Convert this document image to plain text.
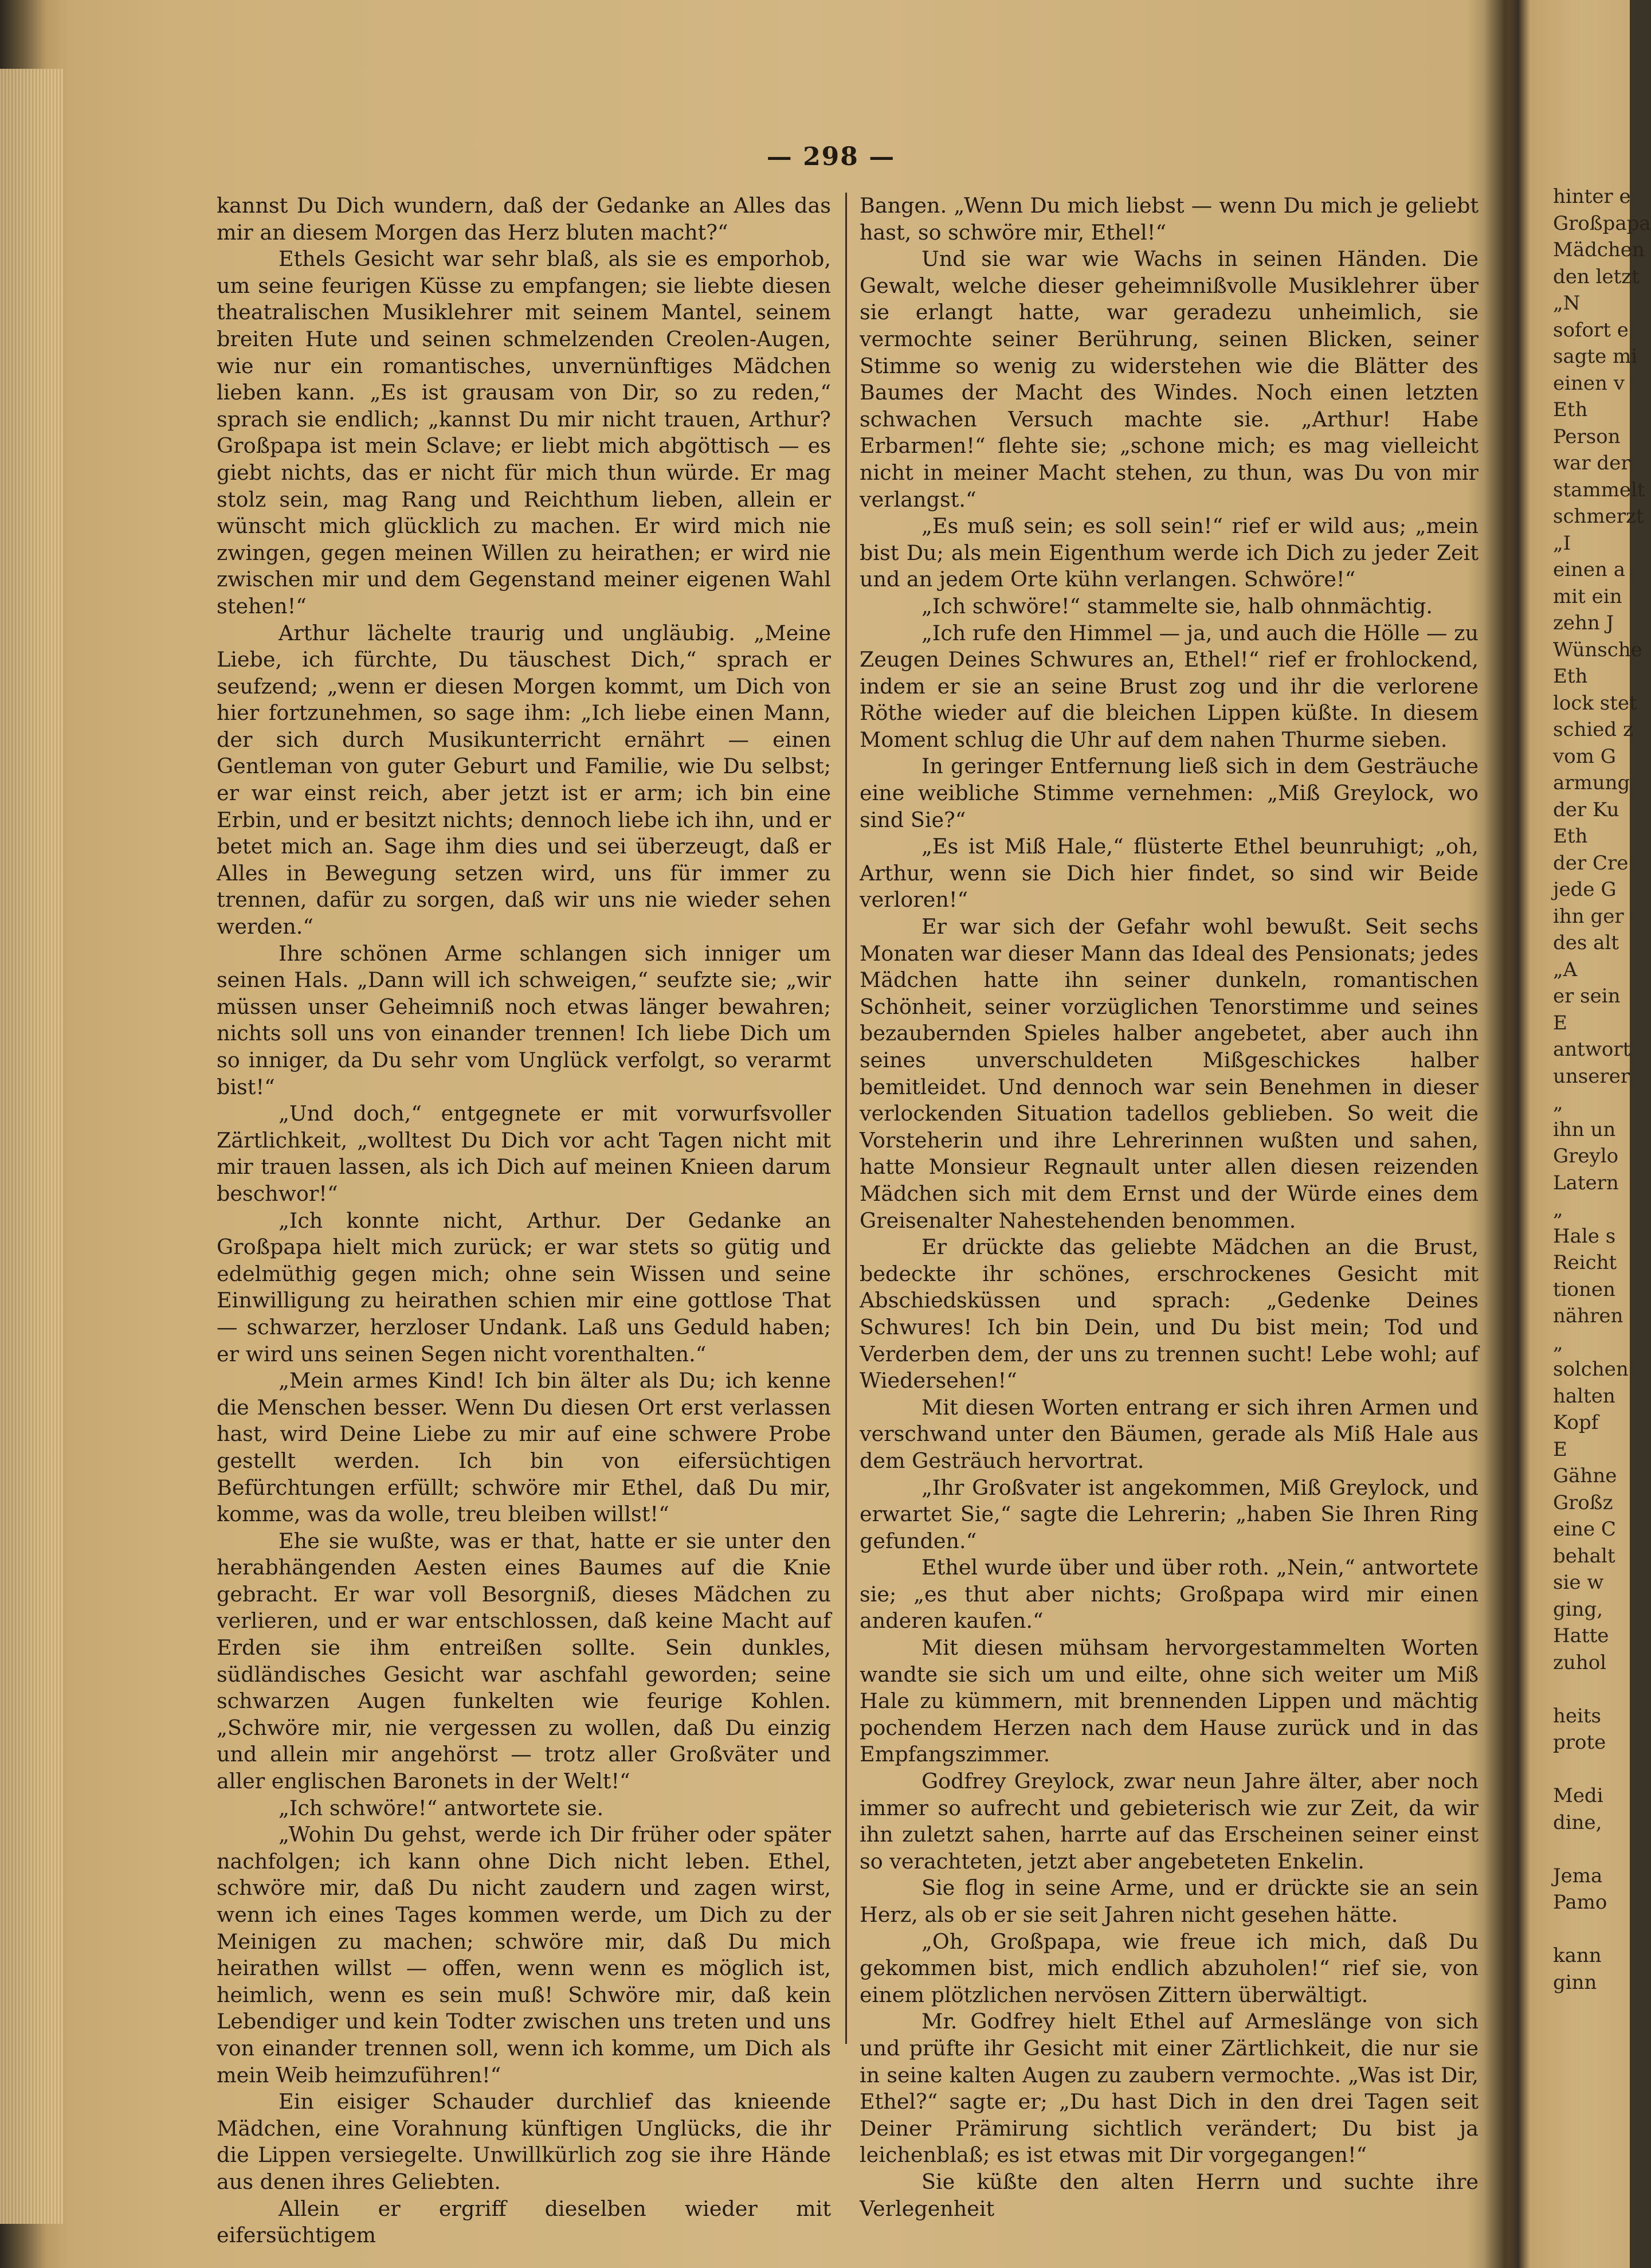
— 298 —

kannst Du Dich wundern, daß der Gedanke an Alles das mir an diesem Morgen das Herz bluten macht?“

Ethels Gesicht war sehr blaß, als sie es emporhob, um seine feurigen Küsse zu empfangen; sie liebte diesen theatralischen Musiklehrer mit seinem Mantel, seinem breiten Hute und seinen schmelzenden Creolen-Augen, wie nur ein romantisches, unvernünftiges Mädchen lieben kann. „Es ist grausam von Dir, so zu reden,“ sprach sie endlich; „kannst Du mir nicht trauen, Arthur? Großpapa ist mein Sclave; er liebt mich abgöttisch — es giebt nichts, das er nicht für mich thun würde. Er mag stolz sein, mag Rang und Reichthum lieben, allein er wünscht mich glücklich zu machen. Er wird mich nie zwingen, gegen meinen Willen zu heirathen; er wird nie zwischen mir und dem Gegenstand meiner eigenen Wahl stehen!“

Arthur lächelte traurig und ungläubig. „Meine Liebe, ich fürchte, Du täuschest Dich,“ sprach er seufzend; „wenn er diesen Morgen kommt, um Dich von hier fortzunehmen, so sage ihm: „Ich liebe einen Mann, der sich durch Musikunterricht ernährt — einen Gentleman von guter Geburt und Familie, wie Du selbst; er war einst reich, aber jetzt ist er arm; ich bin eine Erbin, und er besitzt nichts; dennoch liebe ich ihn, und er betet mich an. Sage ihm dies und sei überzeugt, daß er Alles in Bewegung setzen wird, uns für immer zu trennen, dafür zu sorgen, daß wir uns nie wieder sehen werden.“

Ihre schönen Arme schlangen sich inniger um seinen Hals. „Dann will ich schweigen,“ seufzte sie; „wir müssen unser Geheimniß noch etwas länger bewahren; nichts soll uns von einander trennen! Ich liebe Dich um so inniger, da Du sehr vom Unglück verfolgt, so verarmt bist!“

„Und doch,“ entgegnete er mit vorwurfsvoller Zärtlichkeit, „wolltest Du Dich vor acht Tagen nicht mit mir trauen lassen, als ich Dich auf meinen Knieen darum beschwor!“

„Ich konnte nicht, Arthur. Der Gedanke an Großpapa hielt mich zurück; er war stets so gütig und edelmüthig gegen mich; ohne sein Wissen und seine Einwilligung zu heirathen schien mir eine gottlose That — schwarzer, herzloser Undank. Laß uns Geduld haben; er wird uns seinen Segen nicht vorenthalten.“

„Mein armes Kind! Ich bin älter als Du; ich kenne die Menschen besser. Wenn Du diesen Ort erst verlassen hast, wird Deine Liebe zu mir auf eine schwere Probe gestellt werden. Ich bin von eifersüchtigen Befürchtungen erfüllt; schwöre mir Ethel, daß Du mir, komme, was da wolle, treu bleiben willst!“

Ehe sie wußte, was er that, hatte er sie unter den herabhängenden Aesten eines Baumes auf die Knie gebracht. Er war voll Besorgniß, dieses Mädchen zu verlieren, und er war entschlossen, daß keine Macht auf Erden sie ihm entreißen sollte. Sein dunkles, südländisches Gesicht war aschfahl geworden; seine schwarzen Augen funkelten wie feurige Kohlen. „Schwöre mir, nie vergessen zu wollen, daß Du einzig und allein mir angehörst — trotz aller Großväter und aller englischen Baronets in der Welt!“

„Ich schwöre!“ antwortete sie.

„Wohin Du gehst, werde ich Dir früher oder später nachfolgen; ich kann ohne Dich nicht leben. Ethel, schwöre mir, daß Du nicht zaudern und zagen wirst, wenn ich eines Tages kommen werde, um Dich zu der Meinigen zu machen; schwöre mir, daß Du mich heirathen willst — offen, wenn wenn es möglich ist, heimlich, wenn es sein muß! Schwöre mir, daß kein Lebendiger und kein Todter zwischen uns treten und uns von einander trennen soll, wenn ich komme, um Dich als mein Weib heimzuführen!“

Ein eisiger Schauder durchlief das knieende Mädchen, eine Vorahnung künftigen Unglücks, die ihr die Lippen versiegelte. Unwillkürlich zog sie ihre Hände aus denen ihres Geliebten.

Allein er ergriff dieselben wieder mit eifersüchtigem

Bangen. „Wenn Du mich liebst — wenn Du mich je geliebt hast, so schwöre mir, Ethel!“

Und sie war wie Wachs in seinen Händen. Die Gewalt, welche dieser geheimnißvolle Musiklehrer über sie erlangt hatte, war geradezu unheimlich, sie vermochte seiner Berührung, seinen Blicken, seiner Stimme so wenig zu widerstehen wie die Blätter des Baumes der Macht des Windes. Noch einen letzten schwachen Versuch machte sie. „Arthur! Habe Erbarmen!“ flehte sie; „schone mich; es mag vielleicht nicht in meiner Macht stehen, zu thun, was Du von mir verlangst.“

„Es muß sein; es soll sein!“ rief er wild aus; „mein bist Du; als mein Eigenthum werde ich Dich zu jeder Zeit und an jedem Orte kühn verlangen. Schwöre!“

„Ich schwöre!“ stammelte sie, halb ohnmächtig.

„Ich rufe den Himmel — ja, und auch die Hölle — zu Zeugen Deines Schwures an, Ethel!“ rief er frohlockend, indem er sie an seine Brust zog und ihr die verlorene Röthe wieder auf die bleichen Lippen küßte. In diesem Moment schlug die Uhr auf dem nahen Thurme sieben.

In geringer Entfernung ließ sich in dem Gesträuche eine weibliche Stimme vernehmen: „Miß Greylock, wo sind Sie?“

„Es ist Miß Hale,“ flüsterte Ethel beunruhigt; „oh, Arthur, wenn sie Dich hier findet, so sind wir Beide verloren!“

Er war sich der Gefahr wohl bewußt. Seit sechs Monaten war dieser Mann das Ideal des Pensionats; jedes Mädchen hatte ihn seiner dunkeln, romantischen Schönheit, seiner vorzüglichen Tenorstimme und seines bezaubernden Spieles halber angebetet, aber auch ihn seines unverschuldeten Mißgeschickes halber bemitleidet. Und dennoch war sein Benehmen in dieser verlockenden Situation tadellos geblieben. So weit die Vorsteherin und ihre Lehrerinnen wußten und sahen, hatte Monsieur Regnault unter allen diesen reizenden Mädchen sich mit dem Ernst und der Würde eines dem Greisenalter Nahestehenden benommen.

Er drückte das geliebte Mädchen an die Brust, bedeckte ihr schönes, erschrockenes Gesicht mit Abschiedsküssen und sprach: „Gedenke Deines Schwures! Ich bin Dein, und Du bist mein; Tod und Verderben dem, der uns zu trennen sucht! Lebe wohl; auf Wiedersehen!“

Mit diesen Worten entrang er sich ihren Armen und verschwand unter den Bäumen, gerade als Miß Hale aus dem Gesträuch hervortrat.

„Ihr Großvater ist angekommen, Miß Greylock, und erwartet Sie,“ sagte die Lehrerin; „haben Sie Ihren Ring gefunden.“

Ethel wurde über und über roth. „Nein,“ antwortete sie; „es thut aber nichts; Großpapa wird mir einen anderen kaufen.“

Mit diesen mühsam hervorgestammelten Worten wandte sie sich um und eilte, ohne sich weiter um Miß Hale zu kümmern, mit brennenden Lippen und mächtig pochendem Herzen nach dem Hause zurück und in das Empfangszimmer.

Godfrey Greylock, zwar neun Jahre älter, aber noch immer so aufrecht und gebieterisch wie zur Zeit, da wir ihn zuletzt sahen, harrte auf das Erscheinen seiner einst so verachteten, jetzt aber angebeteten Enkelin.

Sie flog in seine Arme, und er drückte sie an sein Herz, als ob er sie seit Jahren nicht gesehen hätte.

„Oh, Großpapa, wie freue ich mich, daß Du gekommen bist, mich endlich abzuholen!“ rief sie, von einem plötzlichen nervösen Zittern überwältigt.

Mr. Godfrey hielt Ethel auf Armeslänge von sich und prüfte ihr Gesicht mit einer Zärtlichkeit, die nur sie in seine kalten Augen zu zaubern vermochte. „Was ist Dir, Ethel?“ sagte er; „Du hast Dich in den drei Tagen seit Deiner Prämirung sichtlich verändert; Du bist ja leichenblaß; es ist etwas mit Dir vorgegangen!“

Sie küßte den alten Herrn und suchte ihre Verlegenheit

hinter e
Großpapa
Mädchen
den letzt
„N
sofort e
sagte mi
einen v
Eth
Person
war der
stammelt
schmerzt
„I
einen a
mit ein
zehn J
Wünsche
Eth
lock stet
schied z
vom G
armung
der Ku
Eth
der Cre
jede G
ihn ger
des alt
„A
er sein
E
antwort
unserer
„
ihn un
Greylo
Latern
„
Hale s
Reicht
tionen
nähren
„
solchen
halten
Kopf
E
Gähne
Großz
eine C
behalt
sie w
ging,
Hatte
zuhol
heits
prote
Medi
dine,
Jema
Pamo
kann
ginn
